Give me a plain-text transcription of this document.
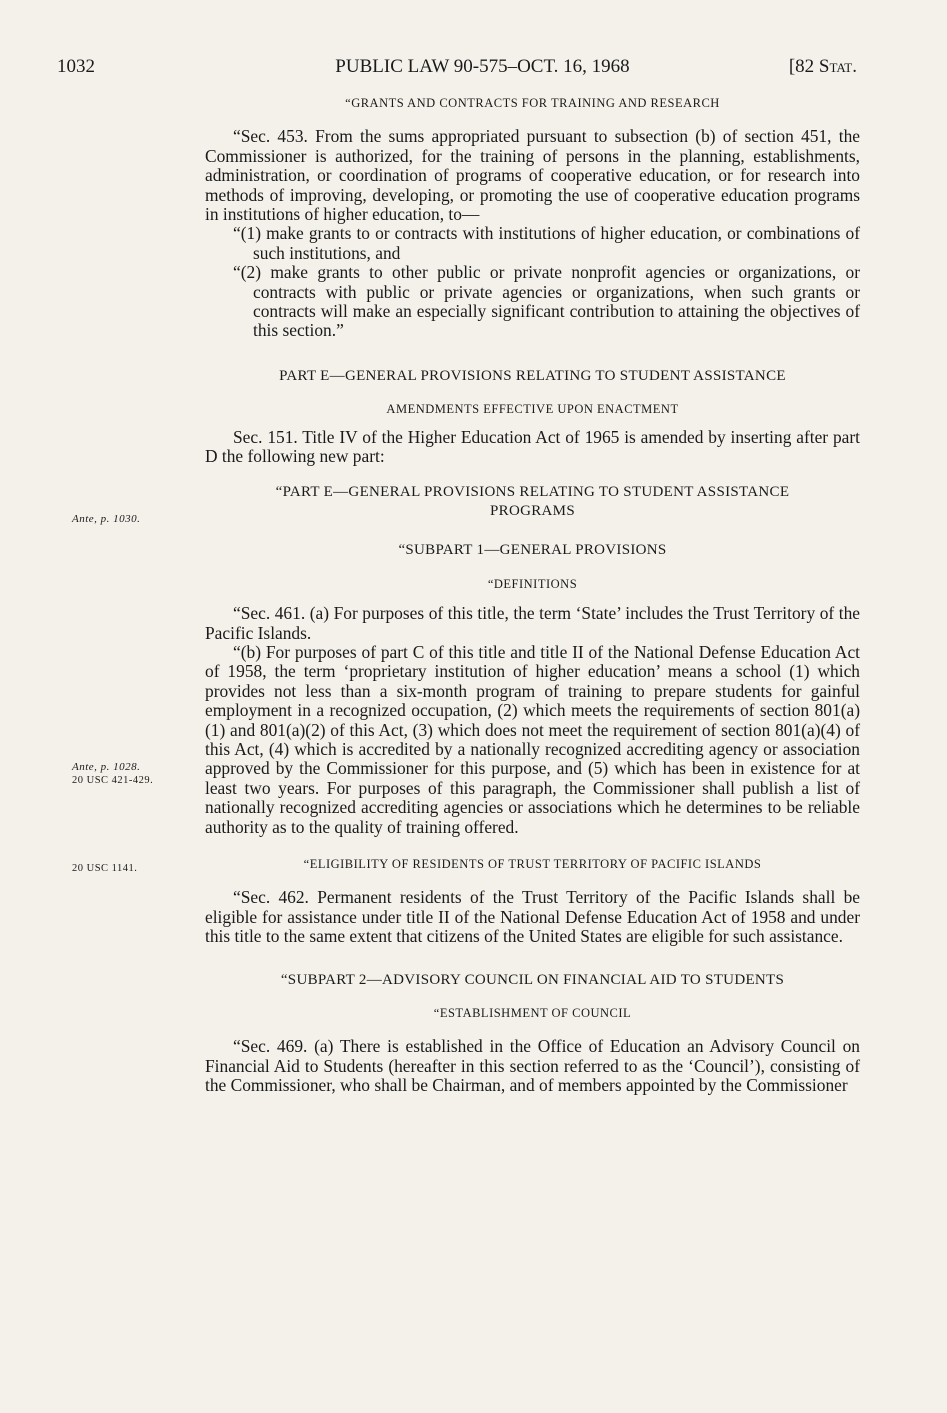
1032	PUBLIC LAW 90-575–OCT. 16, 1968	[82 Stat.
Ante, p. 1030.
Ante, p. 1028.
20 USC 421-429.
20 USC 1141.

“GRANTS AND CONTRACTS FOR TRAINING AND RESEARCH

“Sec. 453. From the sums appropriated pursuant to subsection (b) of section 451, the Commissioner is authorized, for the training of persons in the planning, establishments, administration, or coordination of programs of cooperative education, or for research into methods of improving, developing, or promoting the use of cooperative education programs in institutions of higher education, to—

“(1) make grants to or contracts with institutions of higher education, or combinations of such institutions, and

“(2) make grants to other public or private nonprofit agencies or organizations, or contracts with public or private agencies or organizations, when such grants or contracts will make an especially significant contribution to attaining the objectives of this section.”

PART E—GENERAL PROVISIONS RELATING TO STUDENT ASSISTANCE

AMENDMENTS EFFECTIVE UPON ENACTMENT

Sec. 151. Title IV of the Higher Education Act of 1965 is amended by inserting after part D the following new part:

“PART E—GENERAL PROVISIONS RELATING TO STUDENT ASSISTANCE

PROGRAMS

“SUBPART 1—GENERAL PROVISIONS

“DEFINITIONS

“Sec. 461. (a) For purposes of this title, the term ‘State’ includes the Trust Territory of the Pacific Islands.

“(b) For purposes of part C of this title and title II of the National Defense Education Act of 1958, the term ‘proprietary institution of higher education’ means a school (1) which provides not less than a six-month program of training to prepare students for gainful employment in a recognized occupation, (2) which meets the requirements of section 801(a)(1) and 801(a)(2) of this Act, (3) which does not meet the requirement of section 801(a)(4) of this Act, (4) which is accredited by a nationally recognized accrediting agency or association approved by the Commissioner for this purpose, and (5) which has been in existence for at least two years. For purposes of this paragraph, the Commissioner shall publish a list of nationally recognized accrediting agencies or associations which he determines to be reliable authority as to the quality of training offered.

“ELIGIBILITY OF RESIDENTS OF TRUST TERRITORY OF PACIFIC ISLANDS

“Sec. 462. Permanent residents of the Trust Territory of the Pacific Islands shall be eligible for assistance under title II of the National Defense Education Act of 1958 and under this title to the same extent that citizens of the United States are eligible for such assistance.

“SUBPART 2—ADVISORY COUNCIL ON FINANCIAL AID TO STUDENTS

“ESTABLISHMENT OF COUNCIL

“Sec. 469. (a) There is established in the Office of Education an Advisory Council on Financial Aid to Students (hereafter in this section referred to as the ‘Council’), consisting of the Commissioner, who shall be Chairman, and of members appointed by the Commissioner
